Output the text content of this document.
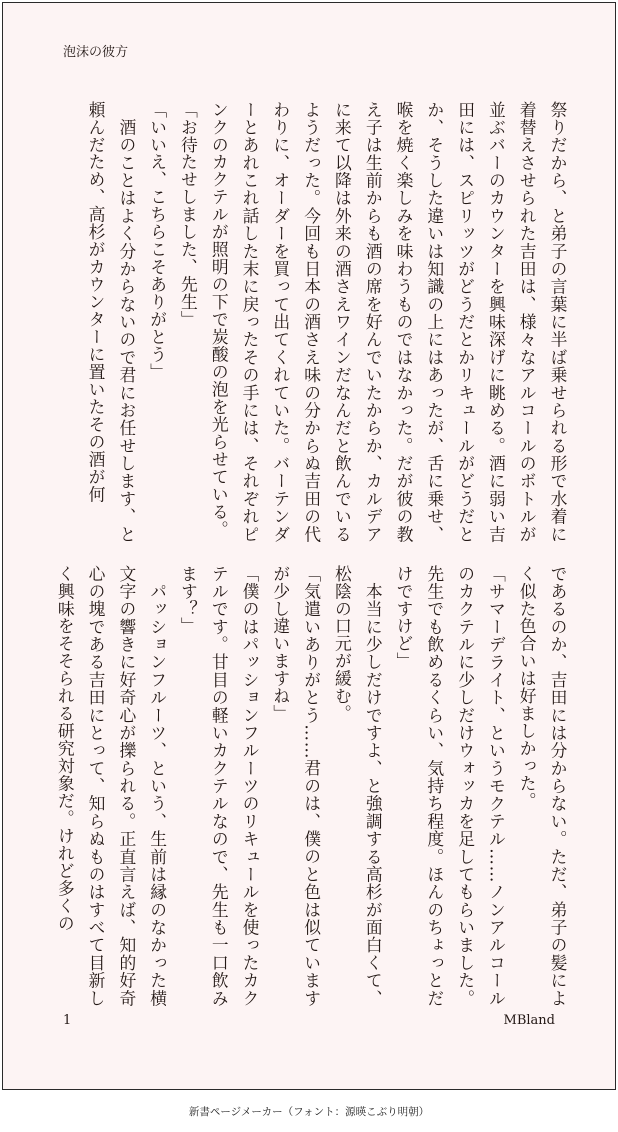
泡沫の彼方

祭りだから、と弟子の言葉に半ば乗せられる形で水着に着替えさせられた吉田は、様々なアルコールのボトルが並ぶバーのカウンターを興味深げに眺める。酒に弱い吉田には、スピリッツがどうだとかリキュールがどうだとか、そうした違いは知識の上にはあったが、舌に乗せ、喉を焼く楽しみを味わうものではなかった。だが彼の教え子は生前からも酒の席を好んでいたからか、カルデアに来て以降は外来の酒さえワインだなんだと飲んでいるようだった。今回も日本の酒さえ味の分からぬ吉田の代わりに、オーダーを買って出てくれていた。バーテンダーとあれこれ話した末に戻ったその手には、それぞれピンクのカクテルが照明の下で炭酸の泡を光らせている。

「お待たせしました、先生」

「いいえ、こちらこそありがとう」

　酒のことはよく分からないので君にお任せします、と頼んだため、高杉がカウンターに置いたその酒が何

であるのか、吉田には分からない。ただ、弟子の髪によく似た色合いは好ましかった。

「サマーデライト、というモクテル……ノンアルコールのカクテルに少しだけウォッカを足してもらいました。先生でも飲めるくらい、気持ち程度。ほんのちょっとだけですけど」

　本当に少しだけですよ、と強調する高杉が面白くて、松陰の口元が緩む。

「気遣いありがとう……君のは、僕のと色は似ていますが少し違いますね」

「僕のはパッションフルーツのリキュールを使ったカクテルです。甘目の軽いカクテルなので、先生も一口飲みます？」

　パッションフルーツ、という、生前は縁のなかった横文字の響きに好奇心が擽られる。正直言えば、知的好奇心の塊である吉田にとって、知らぬものはすべて目新しく興味をそそられる研究対象だ。けれど多くの

1	MBland
新書ページメーカー（フォント：源暎こぶり明朝）
